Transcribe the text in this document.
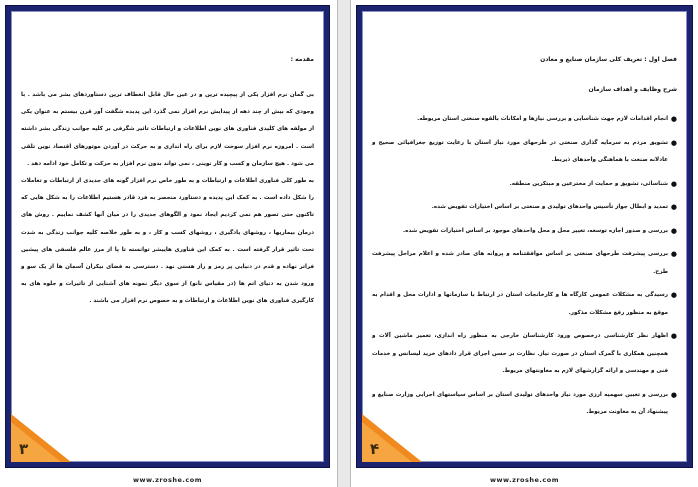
مقدمه :

بی گمان نرم افزار یکی از پیچیده ترین و در عین حال قابل انعطاف ترین دستاوردهای بشر می باشد . با وجودی که بیش از چند دهه از پیدایش نرم افزار نمی گذرد این پدیده شگفت آور قرن بیستم به عنوان یکی از مولفه های کلیدی فناوری های نوین اطلاعات و ارتباطات تاثیر شگرفی بر کلیه جوانب زندگی بشر داشته است . امروزه نرم افزار سوخت لازم برای راه اندازی و به حرکت در آوردن موتورهای اقتصاد نوین تلقی می شود . هیچ سازمان و کسب و کار نوینی ، نمی تواند بدون نرم افزار به حرکت و تکامل خود ادامه دهد .

به طور کلی فناوری اطلاعات و ارتباطات و به طور خاص نرم افزار گونه های جدیدی از ارتباطات و تعاملات را شکل داده است . به کمک این پدیده و دستاورد منحصر به فرد قادر هستیم اطلاعات را به شکل هایی که تاکنون حتی تصور هم نمی کردیم ایجاد نمود و الگوهای جدیدی را در میان آنها کشف نماییم . روش های درمان بیماریها ، روشهای یادگیری ، روشهای کسب و کار ، و به طور خلاصه کلیه جوانب زندگی به شدت تحت تاثیر قرار گرفته است . به کمک این فناوری هاییشر توانسته تا پا از مرز عالم فلسفی های پیشین فراتر نهاده و قدم در دنیایی پر رمز و راز هستی نهد . دسترسی به فضای بیکران آسمان ها از یک سو و ورود شدن به دنیای اتم ها (در مقیاس نانو) از سوی دیگر نمونه های آشنایی از تاثیرات و جلوه های به کارگیری فناوری های نوین اطلاعات و ارتباطات و به خصوص نرم افزار می باشند .

۳
www.zroshe.com

فصل اول : تعریف کلی سازمان صنایع و معادن

شرح وظایف و اهداف سازمان

●
انجام اقدامات لازم جهت شناسایی و بررسی نیازها و امکانات بالقوه صنعتی استان مربوطه.
●
تشویق مردم به سرمایه گذاری صنعتی در طرحهای مورد نیاز استان با رعایت توزیع جغرافیائی صحیح و عادلانه صنعت با هماهنگی واحدهای ذیربط.
●
شناسائی، تشویق و حمایت از مخترعین و مبتکرین منطقه.
●
تمدید و ابطال جواز تأسیس واحدهای تولیدی و صنعتی بر اساس اختیارات تفویض شده.
●
بررسی و صدور اجازه توسعه، تغییر محل و محل واحدهای موجود بر اساس اختیارات تفویض شده.
●
بررسی پیشرفت طرحهای صنعتی بر اساس موافقتنامه و پروانه های صادر شده و اعلام مراحل پیشرفت طرح.
●
رسیدگی به مشکلات عمومی کارگاه ها و کارخانجات استان در ارتباط با سازمانها و ادارات محل و اقدام به موقع به منظور رفع مشکلات مذکور.
●
اظهار نظر کارشناسی درخصوص ورود کارشناسان خارجی به منظور راه اندازی، تعمیر ماشین آلات و همچنین همکاری با گمرک استان در صورت نیاز. نظارت بر حسن اجرای قرار دادهای خرید لیسانس و خدمات فنی و مهندسی و ارائه گزارشهای لازم به معاونتهای مربوط.
●
بررسی و تعیین سهمیه ارزی مورد نیاز واحدهای تولیدی استان بر اساس سیاستهای اجرایی وزارت صنایع و پیشنهاد آن به معاونت مربوط.
۴
www.zroshe.com
